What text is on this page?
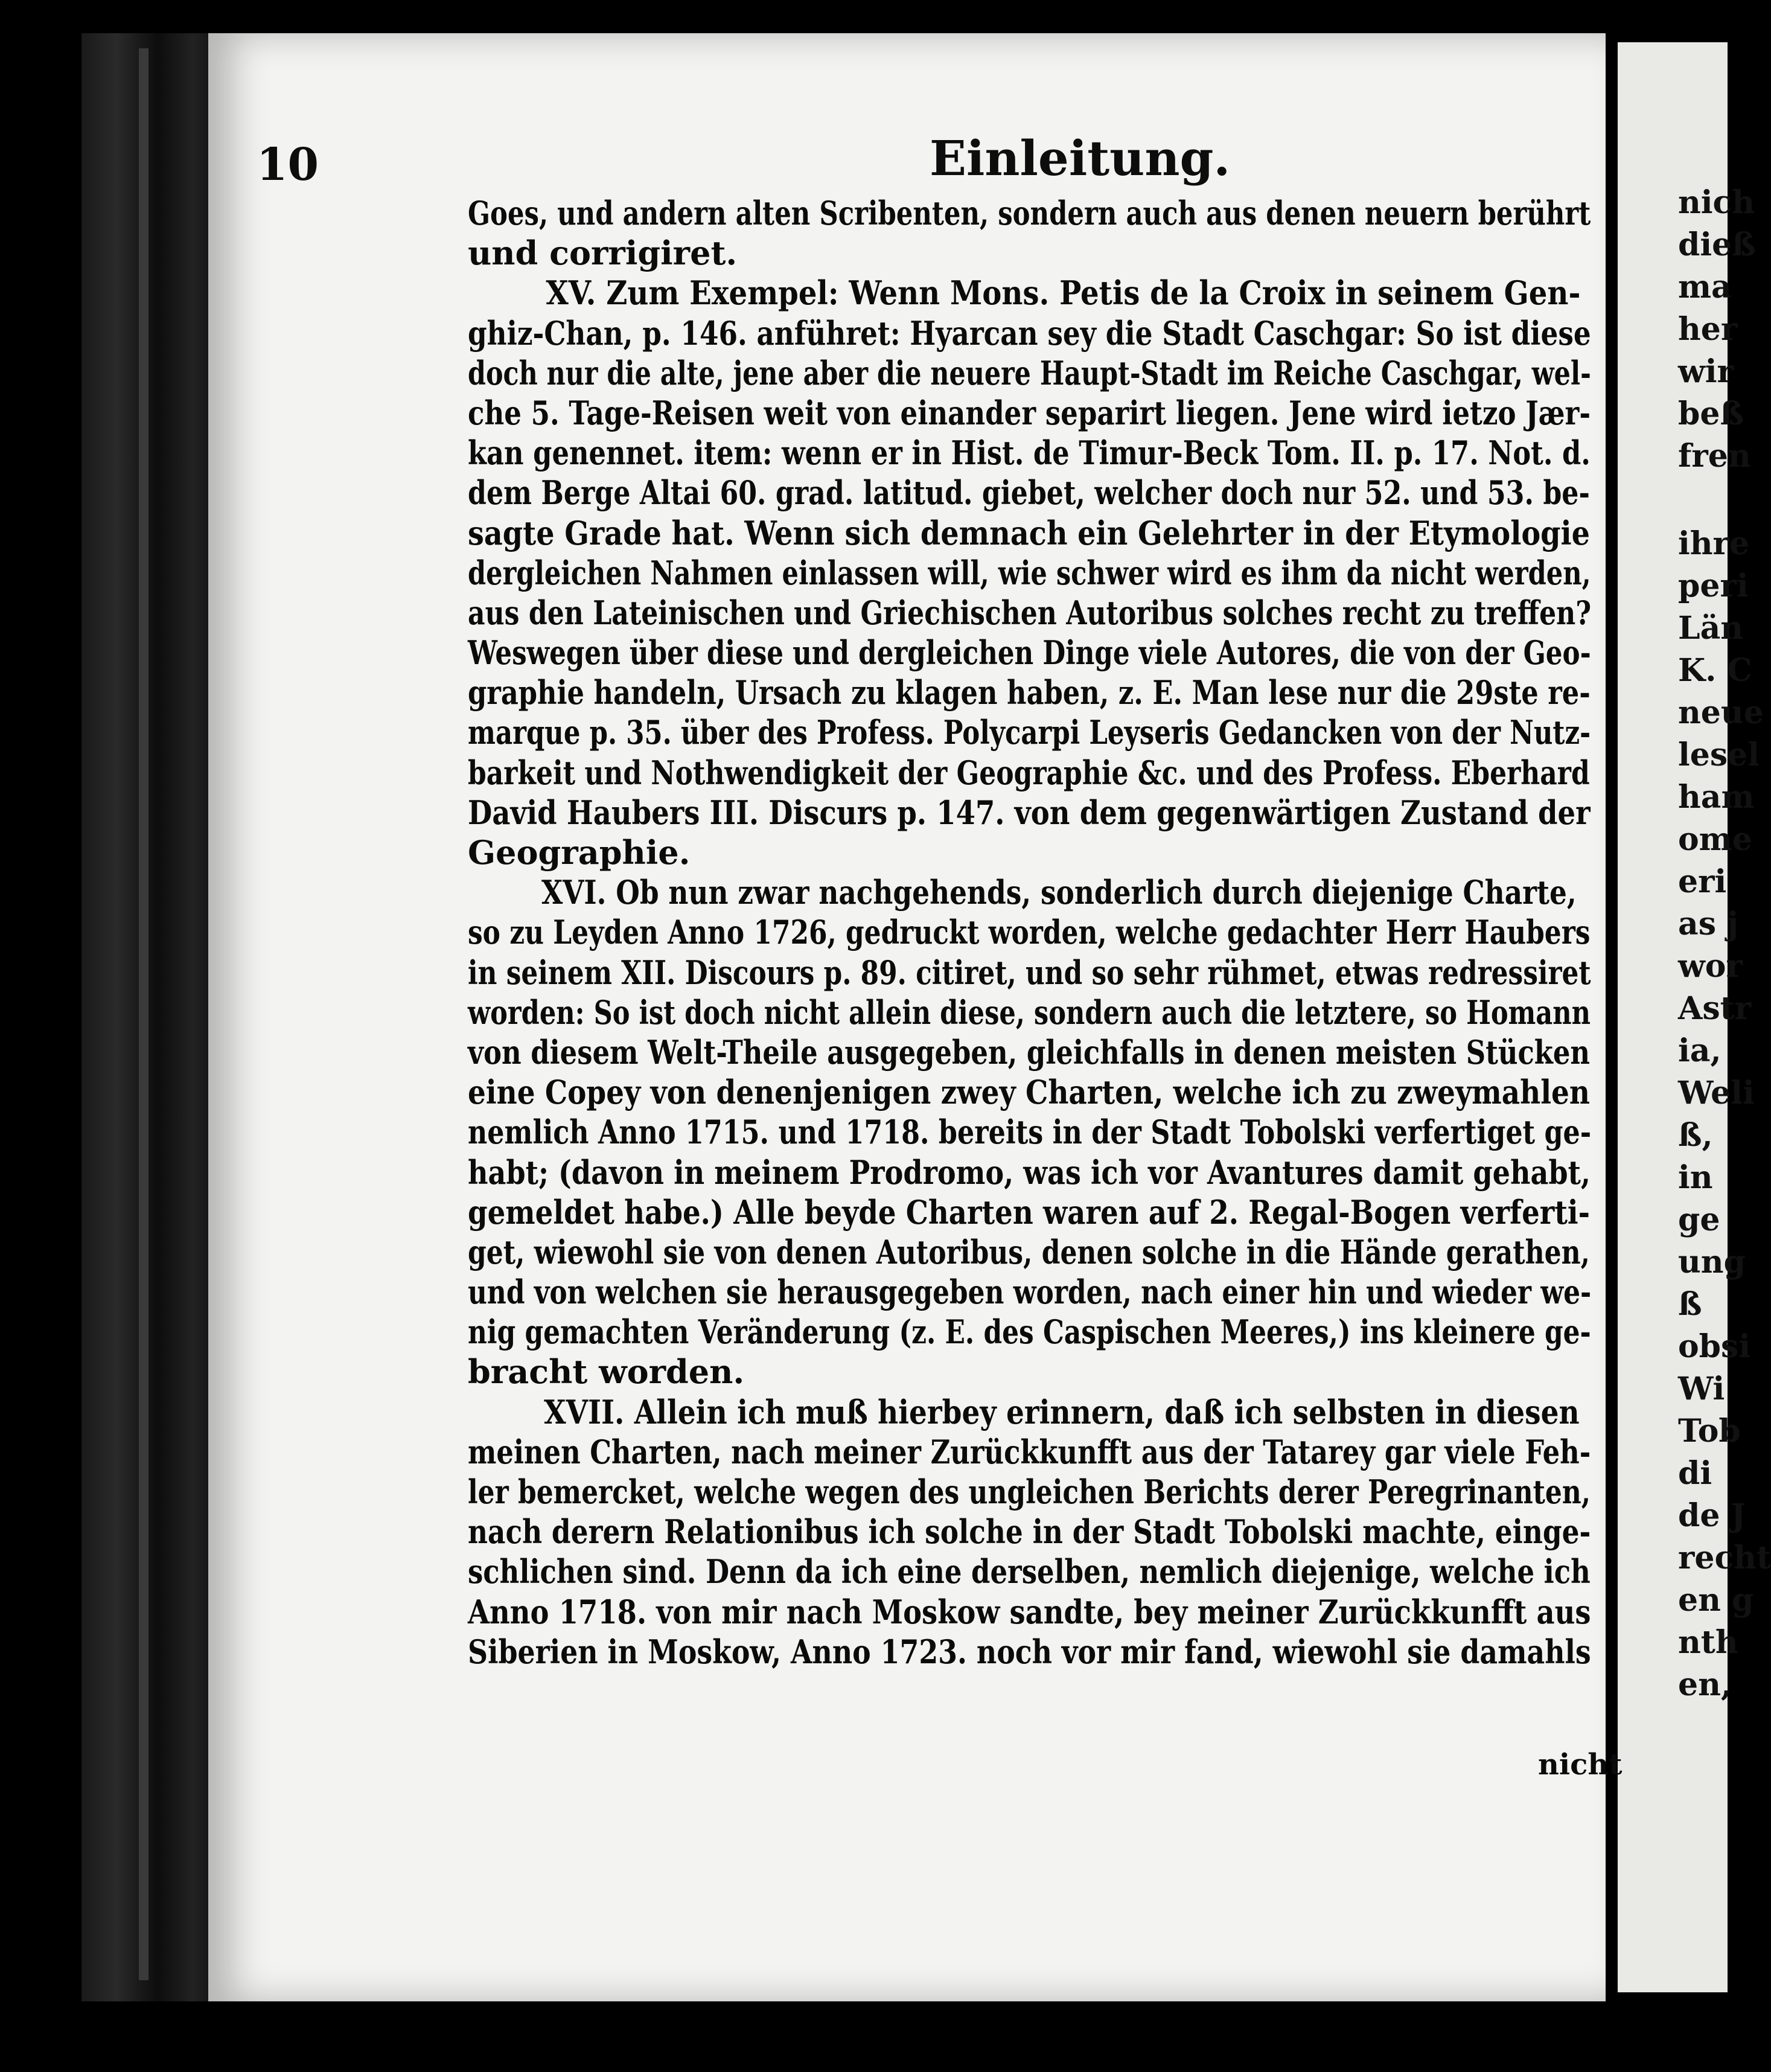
nich
dieß
ma
her
wir
beß
fren
ihre
peri
Län
K. C
neue
lesel
ham
ome
eri
as j
wor
Astr
ia,
Weli
ß,
in
ge
ung
ß
obsi
Wi
Tob
di
de J
recht
en g
nth
en,
10	Einleitung.
Goes, und andern alten Scribenten, sondern auch aus denen neuern berührt
und corrigiret.
XV. Zum Exempel: Wenn Mons. Petis de la Croix in seinem Gen-
ghiz-Chan, p. 146. anführet: Hyarcan sey die Stadt Caschgar: So ist diese
doch nur die alte, jene aber die neuere Haupt-Stadt im Reiche Caschgar, wel-
che 5. Tage-Reisen weit von einander separirt liegen. Jene wird ietzo Jær-
kan genennet. item: wenn er in Hist. de Timur-Beck Tom. II. p. 17. Not. d.
dem Berge Altai 60. grad. latitud. giebet, welcher doch nur 52. und 53. be-
sagte Grade hat. Wenn sich demnach ein Gelehrter in der Etymologie
dergleichen Nahmen einlassen will, wie schwer wird es ihm da nicht werden,
aus den Lateinischen und Griechischen Autoribus solches recht zu treffen?
Weswegen über diese und dergleichen Dinge viele Autores, die von der Geo-
graphie handeln, Ursach zu klagen haben, z. E. Man lese nur die 29ste re-
marque p. 35. über des Profess. Polycarpi Leyseris Gedancken von der Nutz-
barkeit und Nothwendigkeit der Geographie &c. und des Profess. Eberhard
David Haubers III. Discurs p. 147. von dem gegenwärtigen Zustand der
Geographie.
XVI. Ob nun zwar nachgehends, sonderlich durch diejenige Charte,
so zu Leyden Anno 1726, gedruckt worden, welche gedachter Herr Haubers
in seinem XII. Discours p. 89. citiret, und so sehr rühmet, etwas redressiret
worden: So ist doch nicht allein diese, sondern auch die letztere, so Homann
von diesem Welt-Theile ausgegeben, gleichfalls in denen meisten Stücken
eine Copey von denenjenigen zwey Charten, welche ich zu zweymahlen
nemlich Anno 1715. und 1718. bereits in der Stadt Tobolski verfertiget ge-
habt; (davon in meinem Prodromo, was ich vor Avantures damit gehabt,
gemeldet habe.) Alle beyde Charten waren auf 2. Regal-Bogen verferti-
get, wiewohl sie von denen Autoribus, denen solche in die Hände gerathen,
und von welchen sie herausgegeben worden, nach einer hin und wieder we-
nig gemachten Veränderung (z. E. des Caspischen Meeres,) ins kleinere ge-
bracht worden.
XVII. Allein ich muß hierbey erinnern, daß ich selbsten in diesen
meinen Charten, nach meiner Zurückkunfft aus der Tatarey gar viele Feh-
ler bemercket, welche wegen des ungleichen Berichts derer Peregrinanten,
nach derern Relationibus ich solche in der Stadt Tobolski machte, einge-
schlichen sind. Denn da ich eine derselben, nemlich diejenige, welche ich
Anno 1718. von mir nach Moskow sandte, bey meiner Zurückkunfft aus
Siberien in Moskow, Anno 1723. noch vor mir fand, wiewohl sie damahls
nicht
